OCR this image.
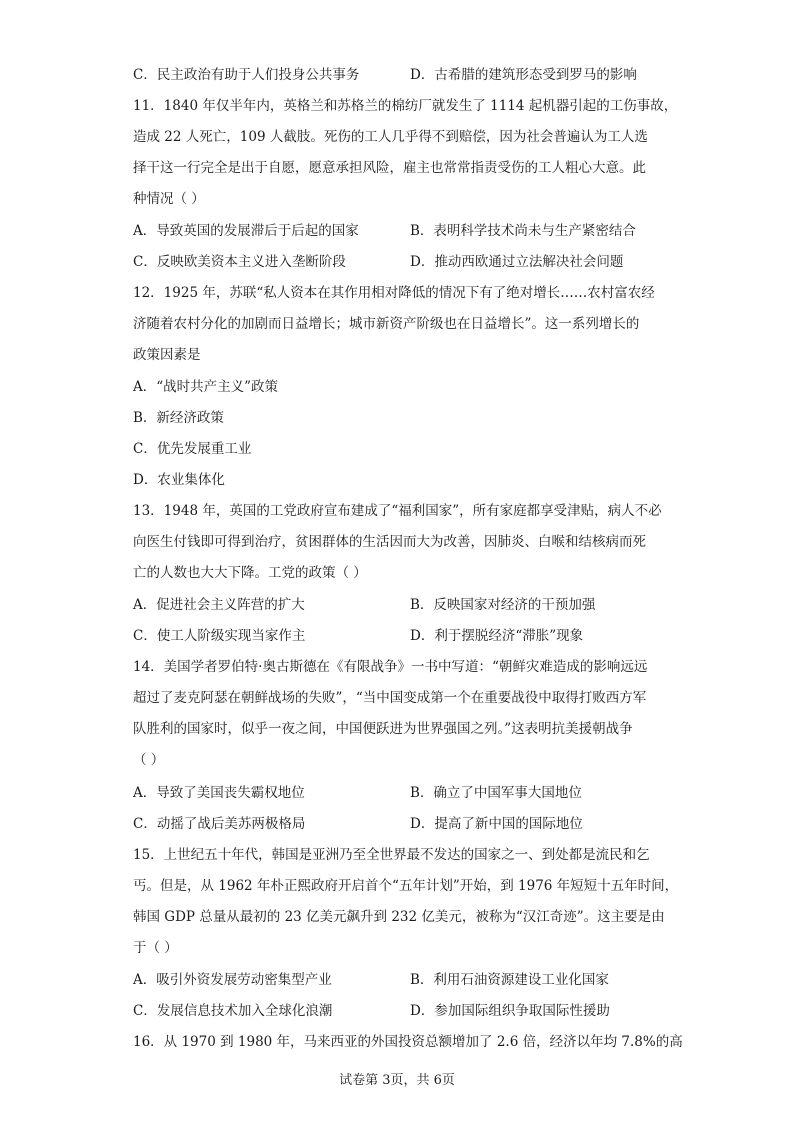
C．民主政治有助于人们投身公共事务	D．古希腊的建筑形态受到罗马的影响
11．1840 年仅半年内，英格兰和苏格兰的棉纺厂就发生了 1114 起机器引起的工伤事故，
造成 22 人死亡，109 人截肢。死伤的工人几乎得不到赔偿，因为社会普遍认为工人选
择干这一行完全是出于自愿，愿意承担风险，雇主也常常指责受伤的工人粗心大意。此
种情况（ ）
A．导致英国的发展滞后于后起的国家	B．表明科学技术尚未与生产紧密结合
C．反映欧美资本主义进入垄断阶段	D．推动西欧通过立法解决社会问题
12．1925 年，苏联“私人资本在其作用相对降低的情况下有了绝对增长……农村富农经
济随着农村分化的加剧而日益增长；城市新资产阶级也在日益增长”。这一系列增长的
政策因素是
A．“战时共产主义”政策
B．新经济政策
C．优先发展重工业
D．农业集体化
13．1948 年，英国的工党政府宣布建成了“福利国家”，所有家庭都享受津贴，病人不必
向医生付钱即可得到治疗，贫困群体的生活因而大为改善，因肺炎、白喉和结核病而死
亡的人数也大大下降。工党的政策（ ）
A．促进社会主义阵营的扩大	B．反映国家对经济的干预加强
C．使工人阶级实现当家作主	D．利于摆脱经济“滞胀”现象
14．美国学者罗伯特·奥古斯德在《有限战争》一书中写道：“朝鲜灾难造成的影响远远
超过了麦克阿瑟在朝鲜战场的失败”，“当中国变成第一个在重要战役中取得打败西方军
队胜利的国家时，似乎一夜之间，中国便跃进为世界强国之列。”这表明抗美援朝战争
（ ）
A．导致了美国丧失霸权地位	B．确立了中国军事大国地位
C．动摇了战后美苏两极格局	D．提高了新中国的国际地位
15．上世纪五十年代，韩国是亚洲乃至全世界最不发达的国家之一、到处都是流民和乞
丐。但是，从 1962 年朴正熙政府开启首个“五年计划”开始，到 1976 年短短十五年时间，
韩国 GDP 总量从最初的 23 亿美元飙升到 232 亿美元，被称为“汉江奇迹”。这主要是由
于（ ）
A．吸引外资发展劳动密集型产业	B．利用石油资源建设工业化国家
C．发展信息技术加入全球化浪潮	D．参加国际组织争取国际性援助
16．从 1970 到 1980 年，马来西亚的外国投资总额增加了 2.6 倍，经济以年均 7.8%的高
试卷第 3页，共 6页
